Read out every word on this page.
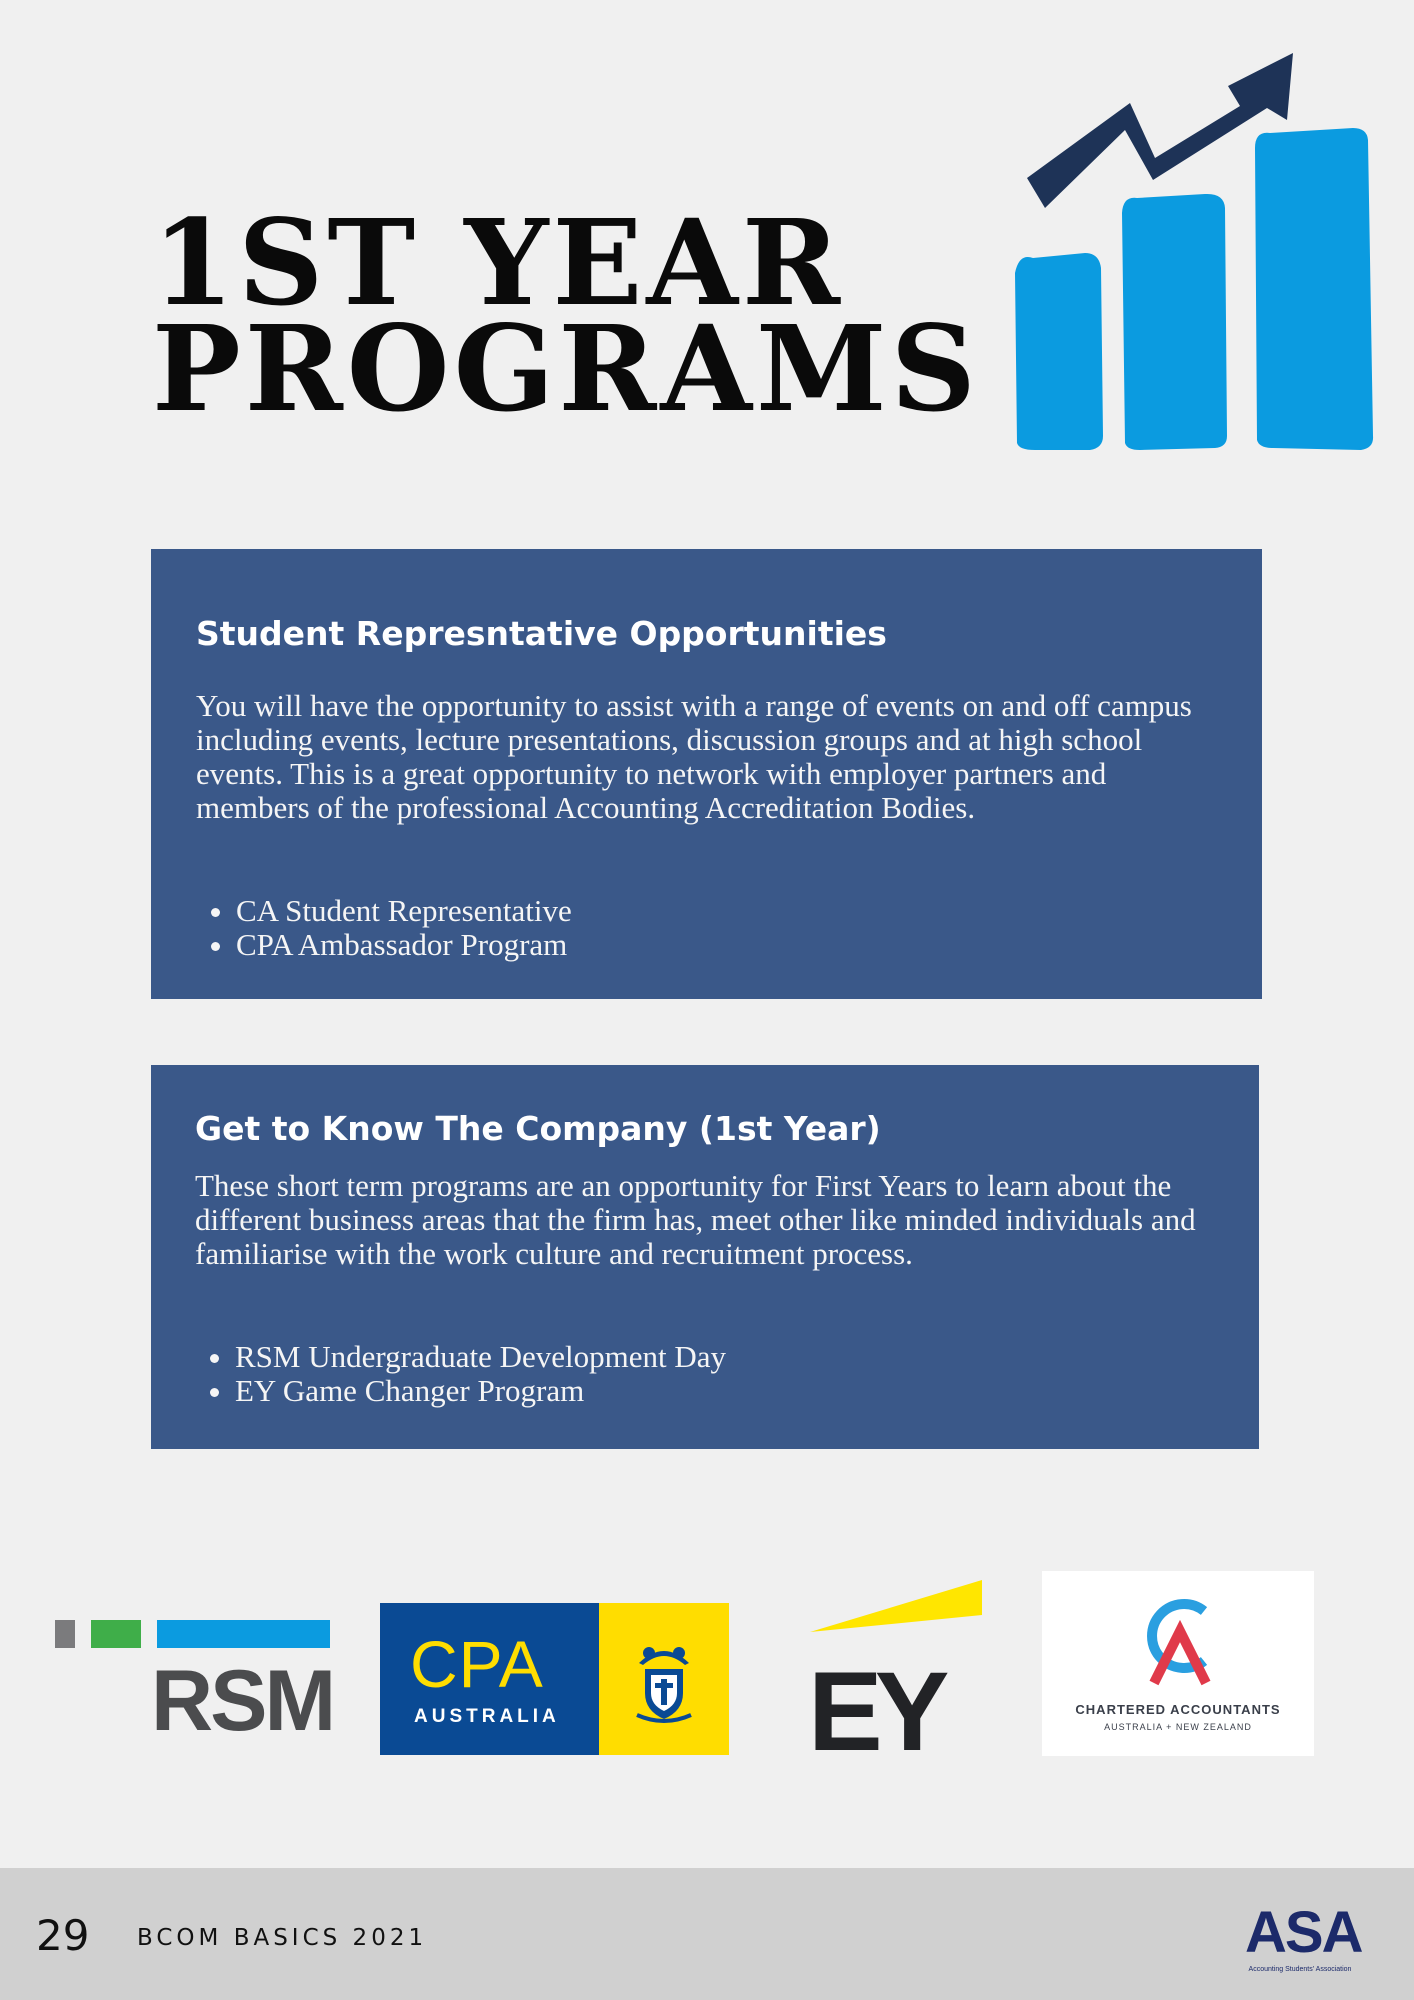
1ST YEAR
PROGRAMS
Student Represntative Opportunities

You will have the opportunity to assist with a range of events on and off campus including events, lecture presentations, discussion groups and at high school events. This is a great opportunity to network with employer partners and members of the professional Accounting Accreditation Bodies.

• CA Student Representative
• CPA Ambassador Program
Get to Know The Company (1st Year)

These short term programs are an opportunity for First Years to learn about the different business areas that the firm has, meet other like minded individuals and familiarise with the work culture and recruitment process.

• RSM Undergraduate Development Day
• EY Game Changer Program
RSM CPA
AUSTRALIA EY	CHARTERED ACCOUNTANTS
AUSTRALIA + NEW ZEALAND
29 BCOM BASICS 2021	ASA
Accounting Students' Association
